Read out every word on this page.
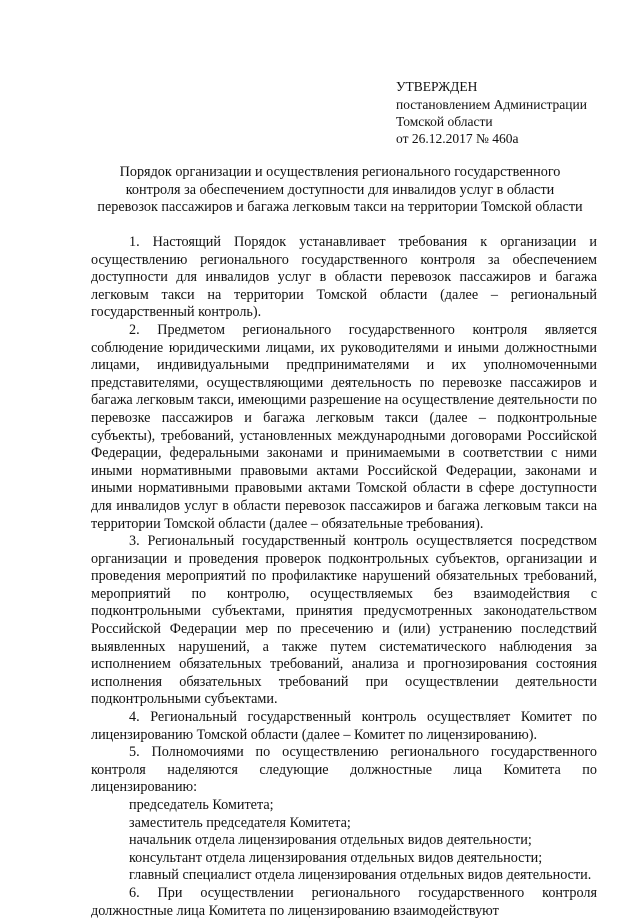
УТВЕРЖДЕН
постановлением Администрации
Томской области
от 26.12.2017 № 460а
Порядок организации и осуществления регионального государственного
контроля за обеспечением доступности для инвалидов услуг в области
перевозок пассажиров и багажа легковым такси на территории Томской области

1. Настоящий Порядок устанавливает требования к организации и осуществлению регионального государственного контроля за обеспечением доступности для инвалидов услуг в области перевозок пассажиров и багажа легковым такси на территории Томской области (далее – региональный государственный контроль).

2. Предметом регионального государственного контроля является соблюдение юридическими лицами, их руководителями и иными должностными лицами, индивидуальными предпринимателями и их уполномоченными представителями, осуществляющими деятельность по перевозке пассажиров и багажа легковым такси, имеющими разрешение на осуществление деятельности по перевозке пассажиров и багажа легковым такси (далее – подконтрольные субъекты), требований, установленных международными договорами Российской Федерации, федеральными законами и принимаемыми в соответствии с ними иными нормативными правовыми актами Российской Федерации, законами и иными нормативными правовыми актами Томской области в сфере доступности для инвалидов услуг в области перевозок пассажиров и багажа легковым такси на территории Томской области (далее – обязательные требования).

3. Региональный государственный контроль осуществляется посредством организации и проведения проверок подконтрольных субъектов, организации и проведения мероприятий по профилактике нарушений обязательных требований, мероприятий по контролю, осуществляемых без взаимодействия с подконтрольными субъектами, принятия предусмотренных законодательством Российской Федерации мер по пресечению и (или) устранению последствий выявленных нарушений, а также путем систематического наблюдения за исполнением обязательных требований, анализа и прогнозирования состояния исполнения обязательных требований при осуществлении деятельности подконтрольными субъектами.

4. Региональный государственный контроль осуществляет Комитет по лицензированию Томской области (далее – Комитет по лицензированию).

5. Полномочиями по осуществлению регионального государственного контроля наделяются следующие должностные лица Комитета по лицензированию:

председатель Комитета;
заместитель председателя Комитета;
начальник отдела лицензирования отдельных видов деятельности;
консультант отдела лицензирования отдельных видов деятельности;
главный специалист отдела лицензирования отдельных видов деятельности.

6. При осуществлении регионального государственного контроля должностные лица Комитета по лицензированию взаимодействуют
